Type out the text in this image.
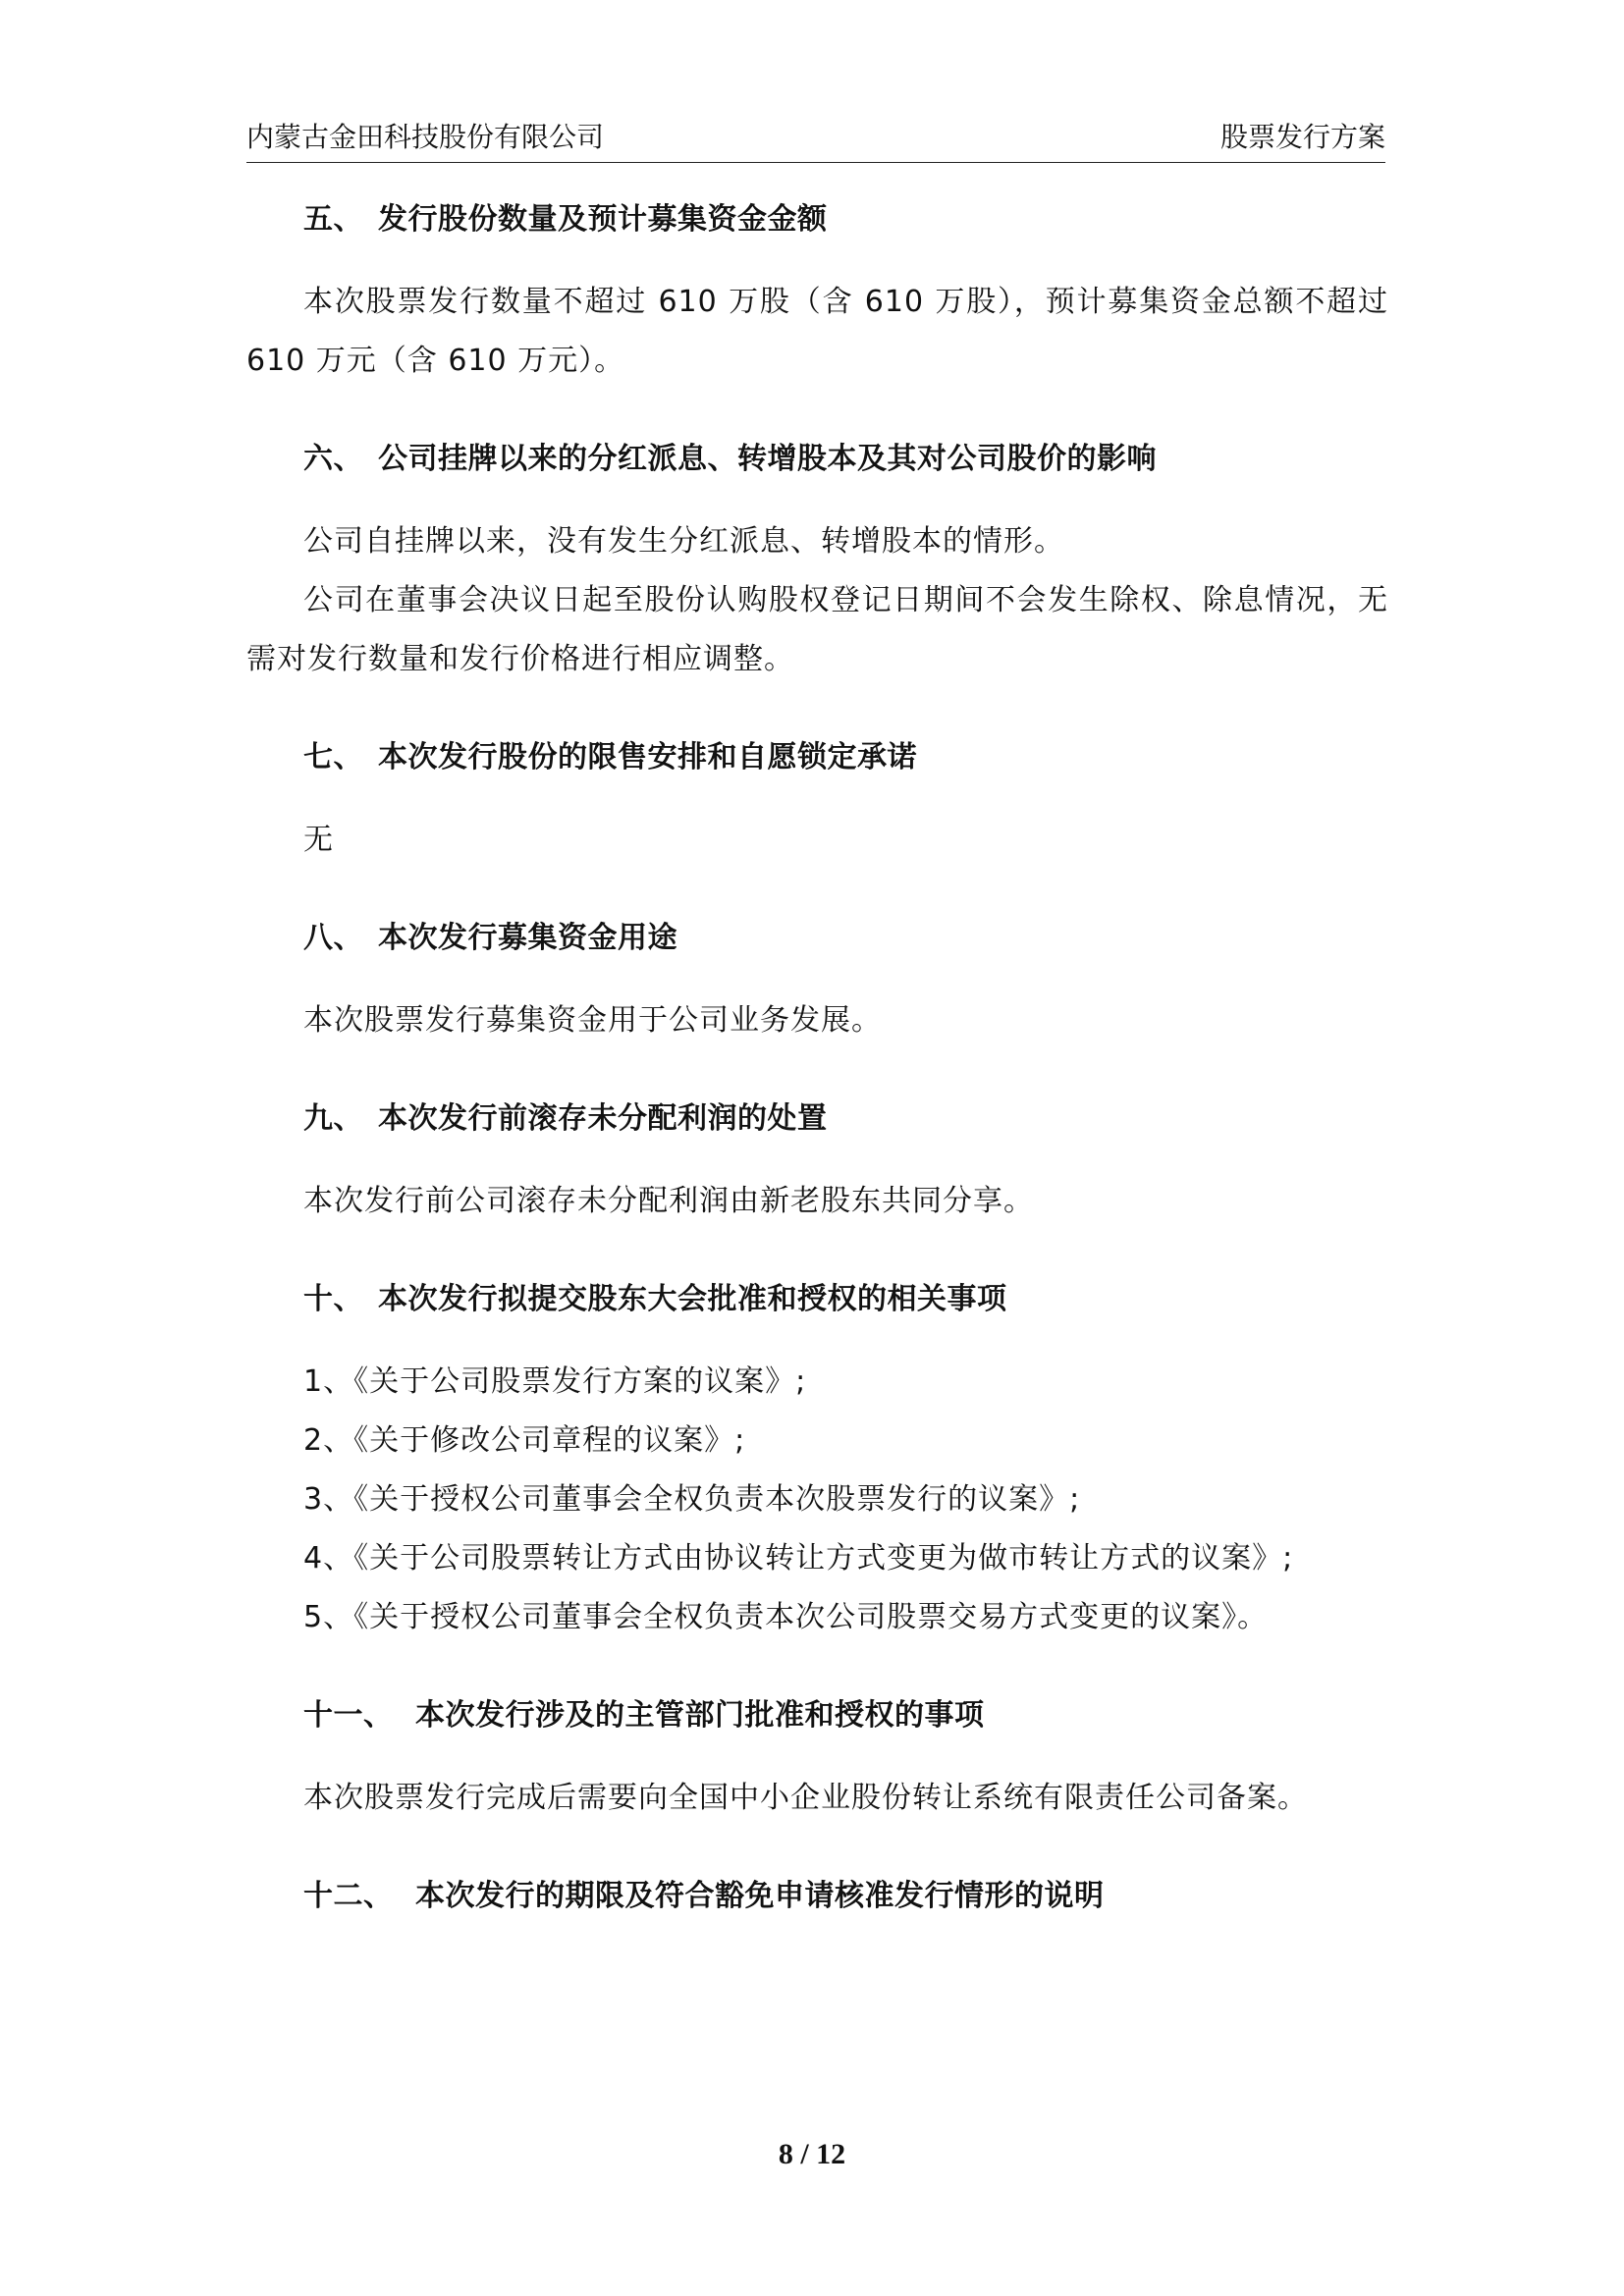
内蒙古金田科技股份有限公司	股票发行方案
五、 发行股份数量及预计募集资金金额

本次股票发行数量不超过 610 万股（含 610 万股），预计募集资金总额不超过 610 万元（含 610 万元）。

六、 公司挂牌以来的分红派息、转增股本及其对公司股价的影响

公司自挂牌以来，没有发生分红派息、转增股本的情形。

公司在董事会决议日起至股份认购股权登记日期间不会发生除权、除息情况，无需对发行数量和发行价格进行相应调整。

七、 本次发行股份的限售安排和自愿锁定承诺

无

八、 本次发行募集资金用途

本次股票发行募集资金用于公司业务发展。

九、 本次发行前滚存未分配利润的处置

本次发行前公司滚存未分配利润由新老股东共同分享。

十、 本次发行拟提交股东大会批准和授权的相关事项

1、《关于公司股票发行方案的议案》;

2、《关于修改公司章程的议案》;

3、《关于授权公司董事会全权负责本次股票发行的议案》;

4、《关于公司股票转让方式由协议转让方式变更为做市转让方式的议案》;

5、《关于授权公司董事会全权负责本次公司股票交易方式变更的议案》。

十一、 本次发行涉及的主管部门批准和授权的事项

本次股票发行完成后需要向全国中小企业股份转让系统有限责任公司备案。

十二、 本次发行的期限及符合豁免申请核准发行情形的说明
8 / 12
